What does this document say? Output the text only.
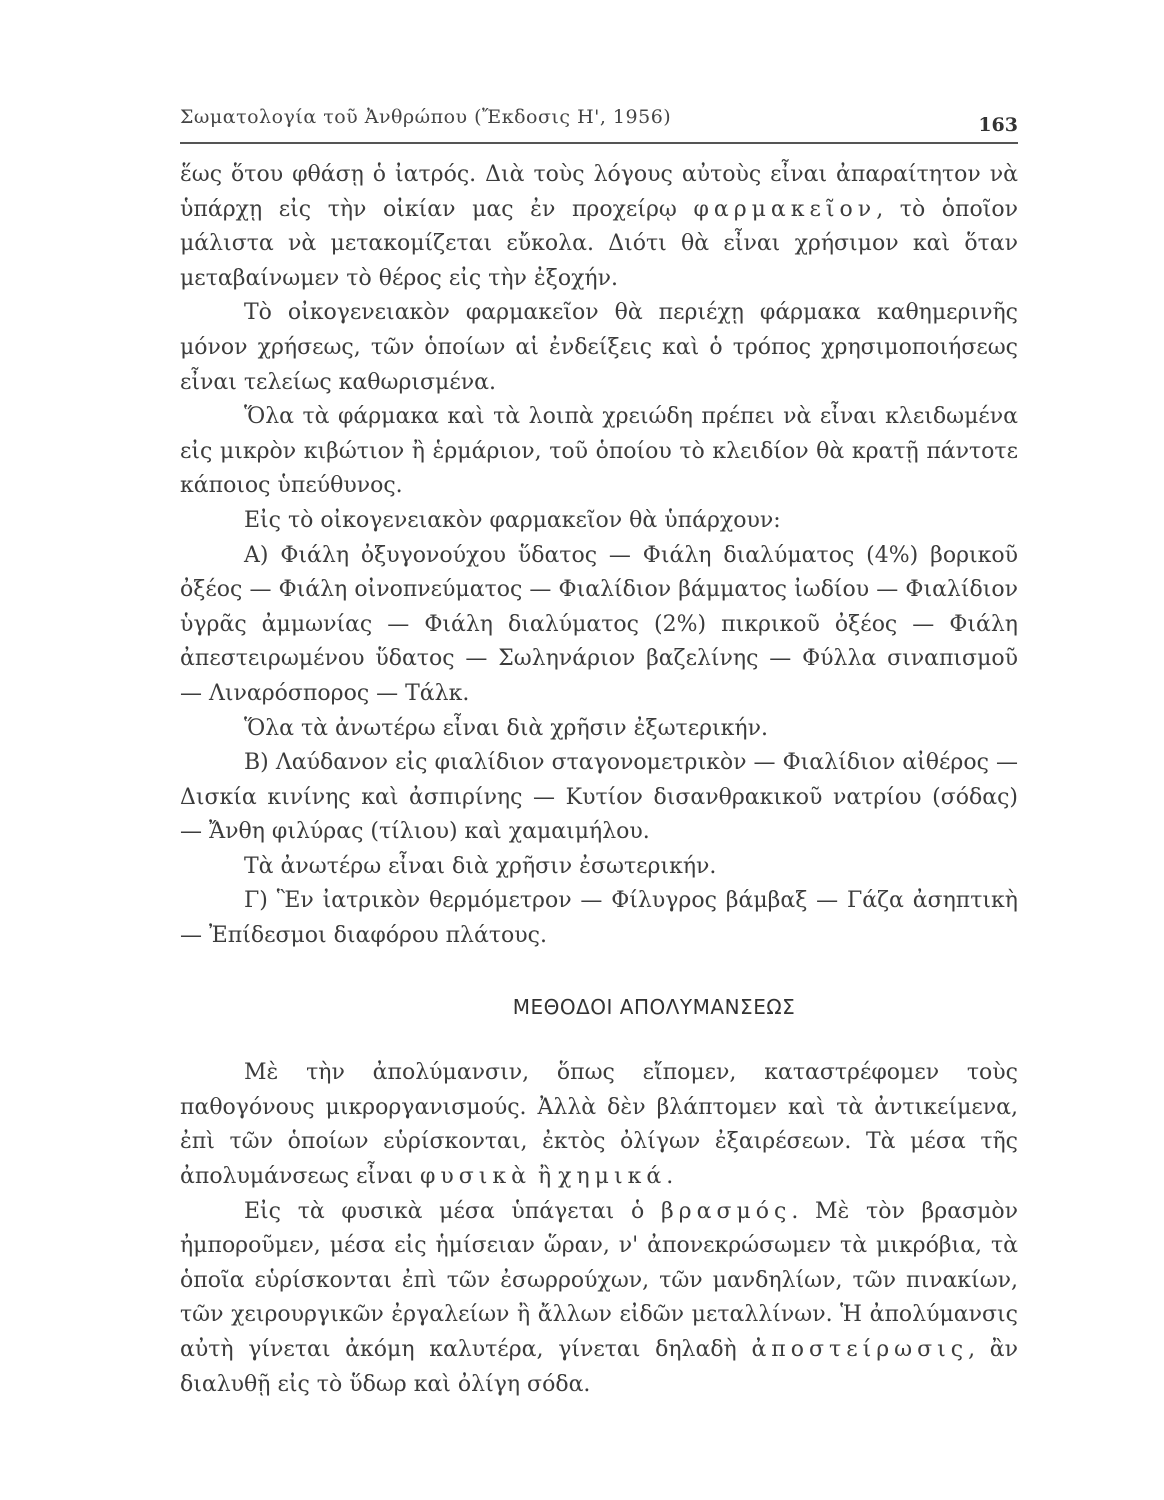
Σωματολογία τοῦ Ἀνθρώπου (Ἔκδοσις Η', 1956)	163

ἕως ὅτου φθάσῃ ὁ ἰατρός. Διὰ τοὺς λόγους αὐτοὺς εἶναι ἀπαραίτητον νὰ ὑπάρχῃ εἰς τὴν οἰκίαν μας ἐν προχείρῳ φαρμακεῖον, τὸ ὁποῖον μάλιστα νὰ μετακομίζεται εὔκολα. Διότι θὰ εἶναι χρήσιμον καὶ ὅταν μεταβαίνωμεν τὸ θέρος εἰς τὴν ἐξοχήν.

Τὸ οἰκογενειακὸν φαρμακεῖον θὰ περιέχῃ φάρμακα καθημερινῆς μόνον χρήσεως, τῶν ὁποίων αἱ ἐνδείξεις καὶ ὁ τρόπος χρησιμοποιήσεως εἶναι τελείως καθωρισμένα.

Ὅλα τὰ φάρμακα καὶ τὰ λοιπὰ χρειώδη πρέπει νὰ εἶναι κλειδωμένα εἰς μικρὸν κιβώτιον ἢ ἑρμάριον, τοῦ ὁποίου τὸ κλειδίον θὰ κρατῇ πάντοτε κάποιος ὑπεύθυνος.

Εἰς τὸ οἰκογενειακὸν φαρμακεῖον θὰ ὑπάρχουν:

Α) Φιάλη ὀξυγονούχου ὕδατος — Φιάλη διαλύματος (4%) βορικοῦ ὀξέος — Φιάλη οἰνοπνεύματος — Φιαλίδιον βάμματος ἰωδίου — Φιαλίδιον ὑγρᾶς ἀμμωνίας — Φιάλη διαλύματος (2%) πικρικοῦ ὀξέος — Φιάλη ἀπεστειρωμένου ὕδατος — Σωληνάριον βαζελίνης — Φύλλα σιναπισμοῦ — Λιναρόσπορος — Τάλκ.

Ὅλα τὰ ἀνωτέρω εἶναι διὰ χρῆσιν ἐξωτερικήν.

Β) Λαύδανον εἰς φιαλίδιον σταγονομετρικὸν — Φιαλίδιον αἰθέρος — Δισκία κινίνης καὶ ἀσπιρίνης — Κυτίον δισανθρακικοῦ νατρίου (σόδας) — Ἄνθη φιλύρας (τίλιου) καὶ χαμαιμήλου.

Τὰ ἀνωτέρω εἶναι διὰ χρῆσιν ἐσωτερικήν.

Γ) Ἓν ἰατρικὸν θερμόμετρον — Φίλυγρος βάμβαξ — Γάζα ἀσηπτικὴ — Ἐπίδεσμοι διαφόρου πλάτους.

ΜΕΘΟΔΟΙ ΑΠΟΛΥΜΑΝΣΕΩΣ

Μὲ τὴν ἀπολύμανσιν, ὅπως εἴπομεν, καταστρέφομεν τοὺς παθογόνους μικροργανισμούς. Ἀλλὰ δὲν βλάπτομεν καὶ τὰ ἀντικείμενα, ἐπὶ τῶν ὁποίων εὑρίσκονται, ἐκτὸς ὀλίγων ἐξαιρέσεων. Τὰ μέσα τῆς ἀπολυμάνσεως εἶναι φυσικὰ ἢ χημικά.

Εἰς τὰ φυσικὰ μέσα ὑπάγεται ὁ βρασμός. Μὲ τὸν βρασμὸν ἠμποροῦμεν, μέσα εἰς ἡμίσειαν ὥραν, ν' ἀπονεκρώσωμεν τὰ μικρόβια, τὰ ὁποῖα εὑρίσκονται ἐπὶ τῶν ἐσωρρούχων, τῶν μανδηλίων, τῶν πινακίων, τῶν χειρουργικῶν ἐργαλείων ἢ ἄλλων εἰδῶν μεταλλίνων. Ἡ ἀπολύμανσις αὐτὴ γίνεται ἀκόμη καλυτέρα, γίνεται δηλαδὴ ἀποστείρωσις, ἂν διαλυθῇ εἰς τὸ ὕδωρ καὶ ὀλίγη σόδα.
